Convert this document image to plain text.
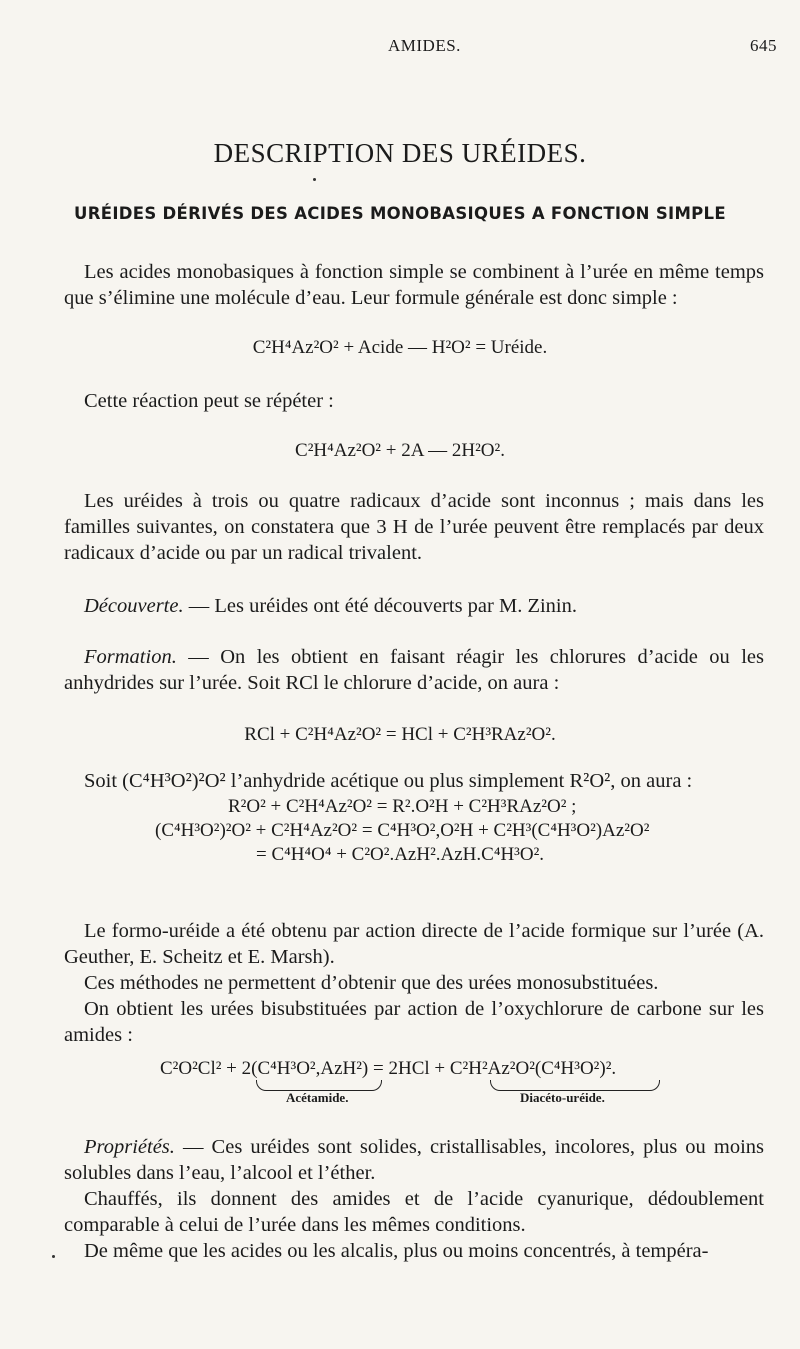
AMIDES.	645
DESCRIPTION DES URÉIDES.
URÉIDES DÉRIVÉS DES ACIDES MONOBASIQUES A FONCTION SIMPLE
Les acides monobasiques à fonction simple se combinent à l’urée en même temps que s’élimine une molécule d’eau. Leur formule générale est donc simple :
C²H⁴Az²O² + Acide — H²O² = Uréide.
Cette réaction peut se répéter :
C²H⁴Az²O² + 2A — 2H²O².
Les uréides à trois ou quatre radicaux d’acide sont inconnus ; mais dans les familles suivantes, on constatera que 3 H de l’urée peuvent être remplacés par deux radicaux d’acide ou par un radical trivalent.
Découverte. — Les uréides ont été découverts par M. Zinin.
Formation. — On les obtient en faisant réagir les chlorures d’acide ou les anhydrides sur l’urée. Soit RCl le chlorure d’acide, on aura :
RCl + C²H⁴Az²O² = HCl + C²H³RAz²O².
Soit (C⁴H³O²)²O² l’anhydride acétique ou plus simplement R²O², on aura :
R²O² + C²H⁴Az²O² = R².O²H + C²H³RAz²O² ;
(C⁴H³O²)²O² + C²H⁴Az²O² = C⁴H³O²,O²H + C²H³(C⁴H³O²)Az²O²
= C⁴H⁴O⁴ + C²O².AzH².AzH.C⁴H³O².
Le formo-uréide a été obtenu par action directe de l’acide formique sur l’urée (A. Geuther, E. Scheitz et E. Marsh).
Ces méthodes ne permettent d’obtenir que des urées monosubstituées.
On obtient les urées bisubstituées par action de l’oxychlorure de carbone sur les amides :
C²O²Cl² + 2(C⁴H³O²,AzH²) = 2HCl + C²H²Az²O²(C⁴H³O²)².
Acétamide.	Diacéto-uréide.
Propriétés. — Ces uréides sont solides, cristallisables, incolores, plus ou moins solubles dans l’eau, l’alcool et l’éther.
Chauffés, ils donnent des amides et de l’acide cyanurique, dédoublement comparable à celui de l’urée dans les mêmes conditions.
De même que les acides ou les alcalis, plus ou moins concentrés, à tempéra-
